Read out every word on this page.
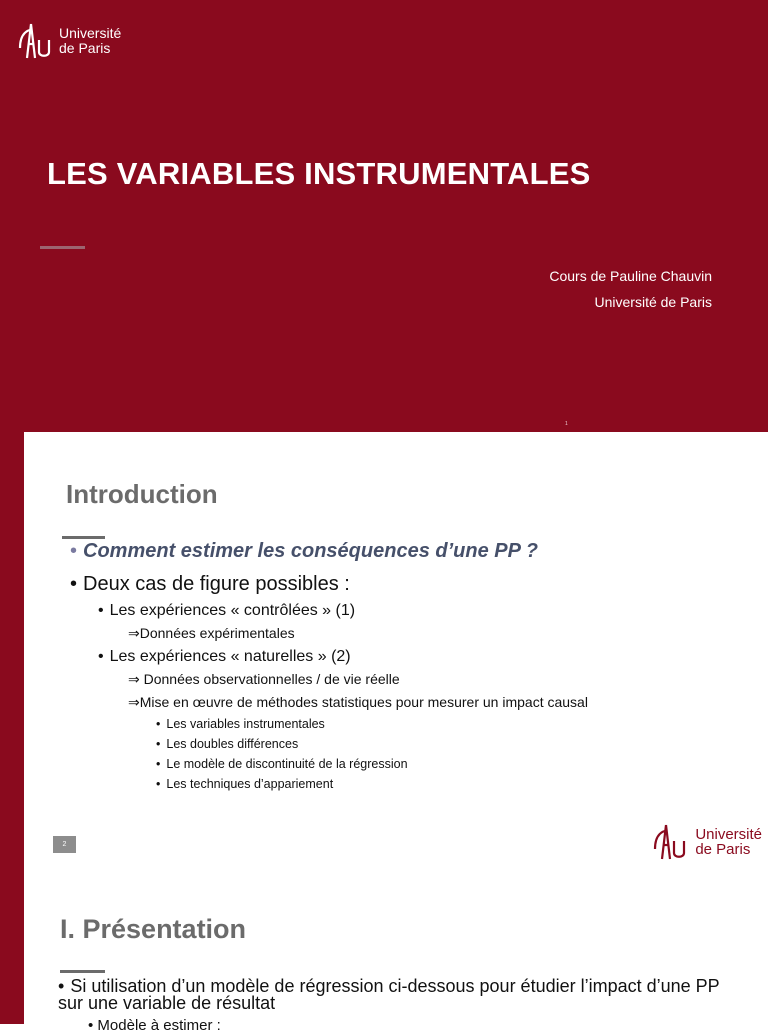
Université
de Paris
LES VARIABLES INSTRUMENTALES
Cours de Pauline Chauvin
Université de Paris
1
Introduction
• Comment estimer les conséquences d’une PP ?
• Deux cas de figure possibles :
• Les expériences « contrôlées » (1)
⇒Données expérimentales
• Les expériences « naturelles » (2)
⇒ Données observationnelles / de vie réelle
⇒Mise en œuvre de méthodes statistiques pour mesurer un impact causal
• Les variables instrumentales
• Les doubles différences
• Le modèle de discontinuité de la régression
• Les techniques d’appariement
2
Université
de Paris
I. Présentation
• Si utilisation d’un modèle de régression ci-dessous pour étudier l’impact d’une PP sur une variable de résultat
• Modèle à estimer :
